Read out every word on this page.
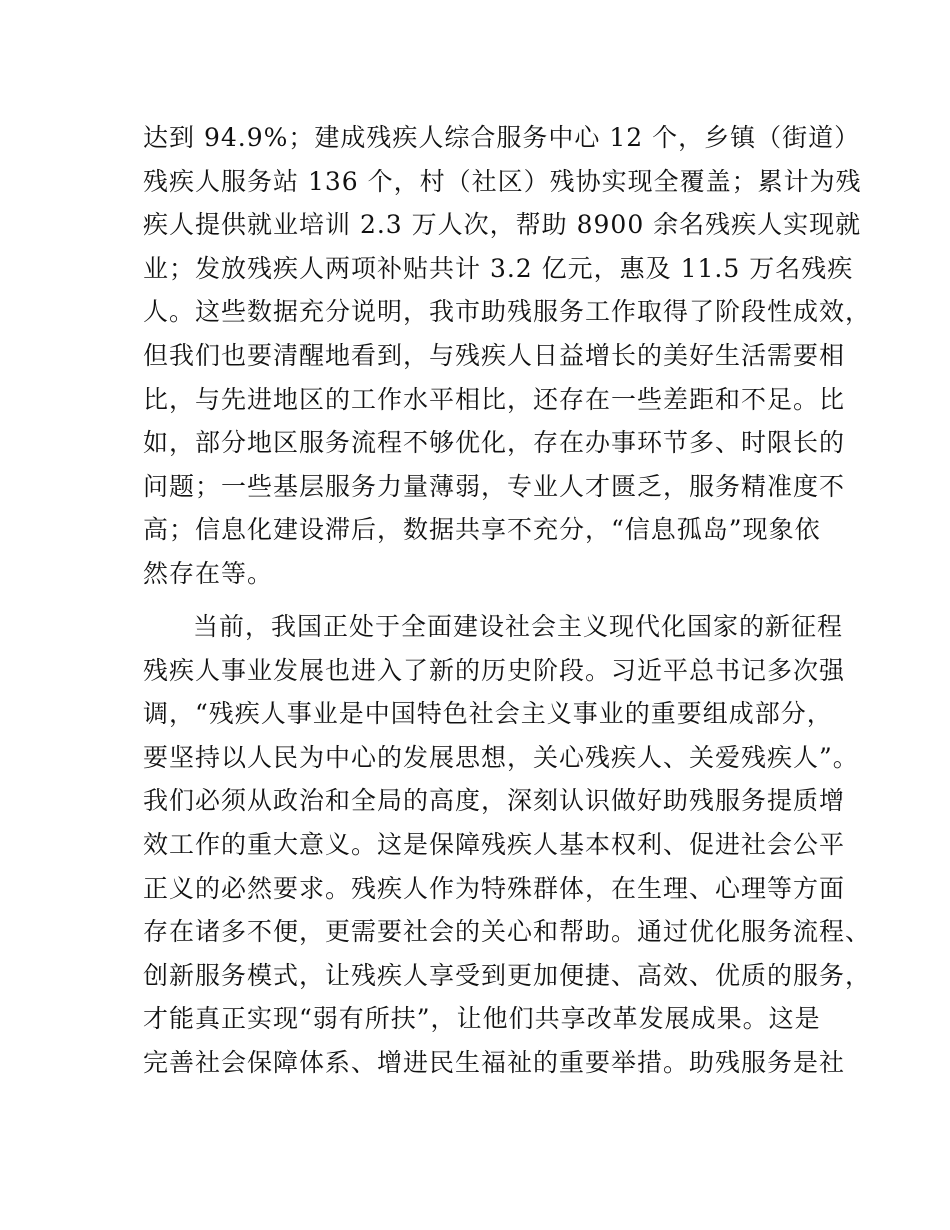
达到 94.9%；建成残疾人综合服务中心 12 个，乡镇（街道）
残疾人服务站 136 个，村（社区）残协实现全覆盖；累计为残
疾人提供就业培训 2.3 万人次，帮助 8900 余名残疾人实现就
业；发放残疾人两项补贴共计 3.2 亿元，惠及 11.5 万名残疾
人。这些数据充分说明，我市助残服务工作取得了阶段性成效，
但我们也要清醒地看到，与残疾人日益增长的美好生活需要相
比，与先进地区的工作水平相比，还存在一些差距和不足。比
如，部分地区服务流程不够优化，存在办事环节多、时限长的
问题；一些基层服务力量薄弱，专业人才匮乏，服务精准度不
高；信息化建设滞后，数据共享不充分，“信息孤岛”现象依
然存在等。
当前，我国正处于全面建设社会主义现代化国家的新征程
残疾人事业发展也进入了新的历史阶段。习近平总书记多次强
调，“残疾人事业是中国特色社会主义事业的重要组成部分，
要坚持以人民为中心的发展思想，关心残疾人、关爱残疾人”。
我们必须从政治和全局的高度，深刻认识做好助残服务提质增
效工作的重大意义。这是保障残疾人基本权利、促进社会公平
正义的必然要求。残疾人作为特殊群体，在生理、心理等方面
存在诸多不便，更需要社会的关心和帮助。通过优化服务流程、
创新服务模式，让残疾人享受到更加便捷、高效、优质的服务，
才能真正实现“弱有所扶”，让他们共享改革发展成果。这是
完善社会保障体系、增进民生福祉的重要举措。助残服务是社
